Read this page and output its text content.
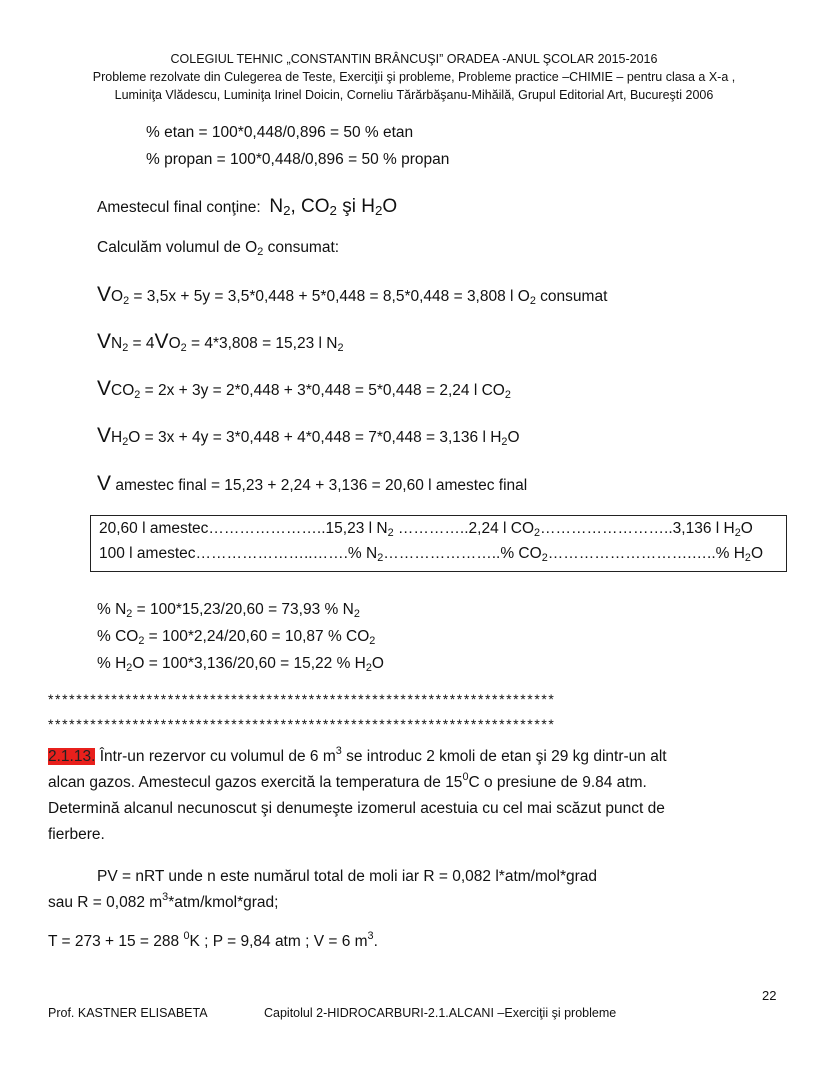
COLEGIUL TEHNIC „CONSTANTIN BRÂNCUŞI” ORADEA -ANUL ŞCOLAR 2015-2016
Probleme rezolvate din Culegerea de Teste, Exerciţii şi probleme, Probleme practice –CHIMIE – pentru clasa a X-a ,
Luminiţa Vlădescu, Luminiţa Irinel Doicin, Corneliu Tărărbăşanu-Mihăilă, Grupul Editorial Art, Bucureşti 2006
% etan = 100*0,448/0,896 = 50 % etan
% propan = 100*0,448/0,896 = 50 % propan
Amestecul final conţine: $N_2$, $CO_2$ şi $H_2O$
Calculăm volumul de $O_2$ consumat:
$VO_2 = 3,5x + 5y = 3,5*0,448 + 5*0,448 = 8,5*0,448 = 3,808$ l $O_2$ consumat
$VN_2 = 4VO_2 = 4*3,808 = 15,23$ l $N_2$
$VCO_2 = 2x + 3y = 2*0,448 + 3*0,448 = 5*0,448 = 2,24$ l $CO_2$
$VH_2O = 3x + 4y = 3*0,448 + 4*0,448 = 7*0,448 = 3,136$ l $H_2O$
V amestec final = 15,23 + 2,24 + 3,136 = 20,60 l amestec final
20,60 l amestec…………………..15,23 l $N_2$ …………..2,24 l $CO_2\dots\dots\dots\dots\dots\dots\dots\dots..3,136$ l $H_2O$
100 l amestec…………………..…….% $N_2\dots\dots\dots\dots\dots\dots\dots..\%$ $CO_2\dots\dots\dots\dots\dots\dots\dots\dots\dots.\dots..\%$ $H_2O$
% $N_2 = 100*15,23/20,60 = 73,93$ % $N_2$
% $CO_2 = 100*2,24/20,60 = 10,87$ % $CO_2$
% $H_2O = 100*3,136/20,60 = 15,22$ % $H_2O$
************************************************************************
************************************************************************
2.1.13. Într-un rezervor cu volumul de 6 $m^3$ se introduc 2 kmoli de etan şi 29 kg dintr-un alt
alcan gazos. Amestecul gazos exercită la temperatura de $15^0C$ o presiune de 9.84 atm.
Determină alcanul necunoscut şi denumeşte izomerul acestuia cu cel mai scăzut punct de
fierbere.
PV = nRT unde n este numărul total de moli iar R = 0,082 l*atm/mol*grad
sau R = 0,082 $m^3*atm/kmol*grad$;
T = 273 + 15 = 288 $^0$K ; P = 9,84 atm ; V = 6 $m^3$.
22
Prof. KASTNER ELISABETA	Capitolul 2-HIDROCARBURI-2.1.ALCANI –Exerciţii şi probleme
